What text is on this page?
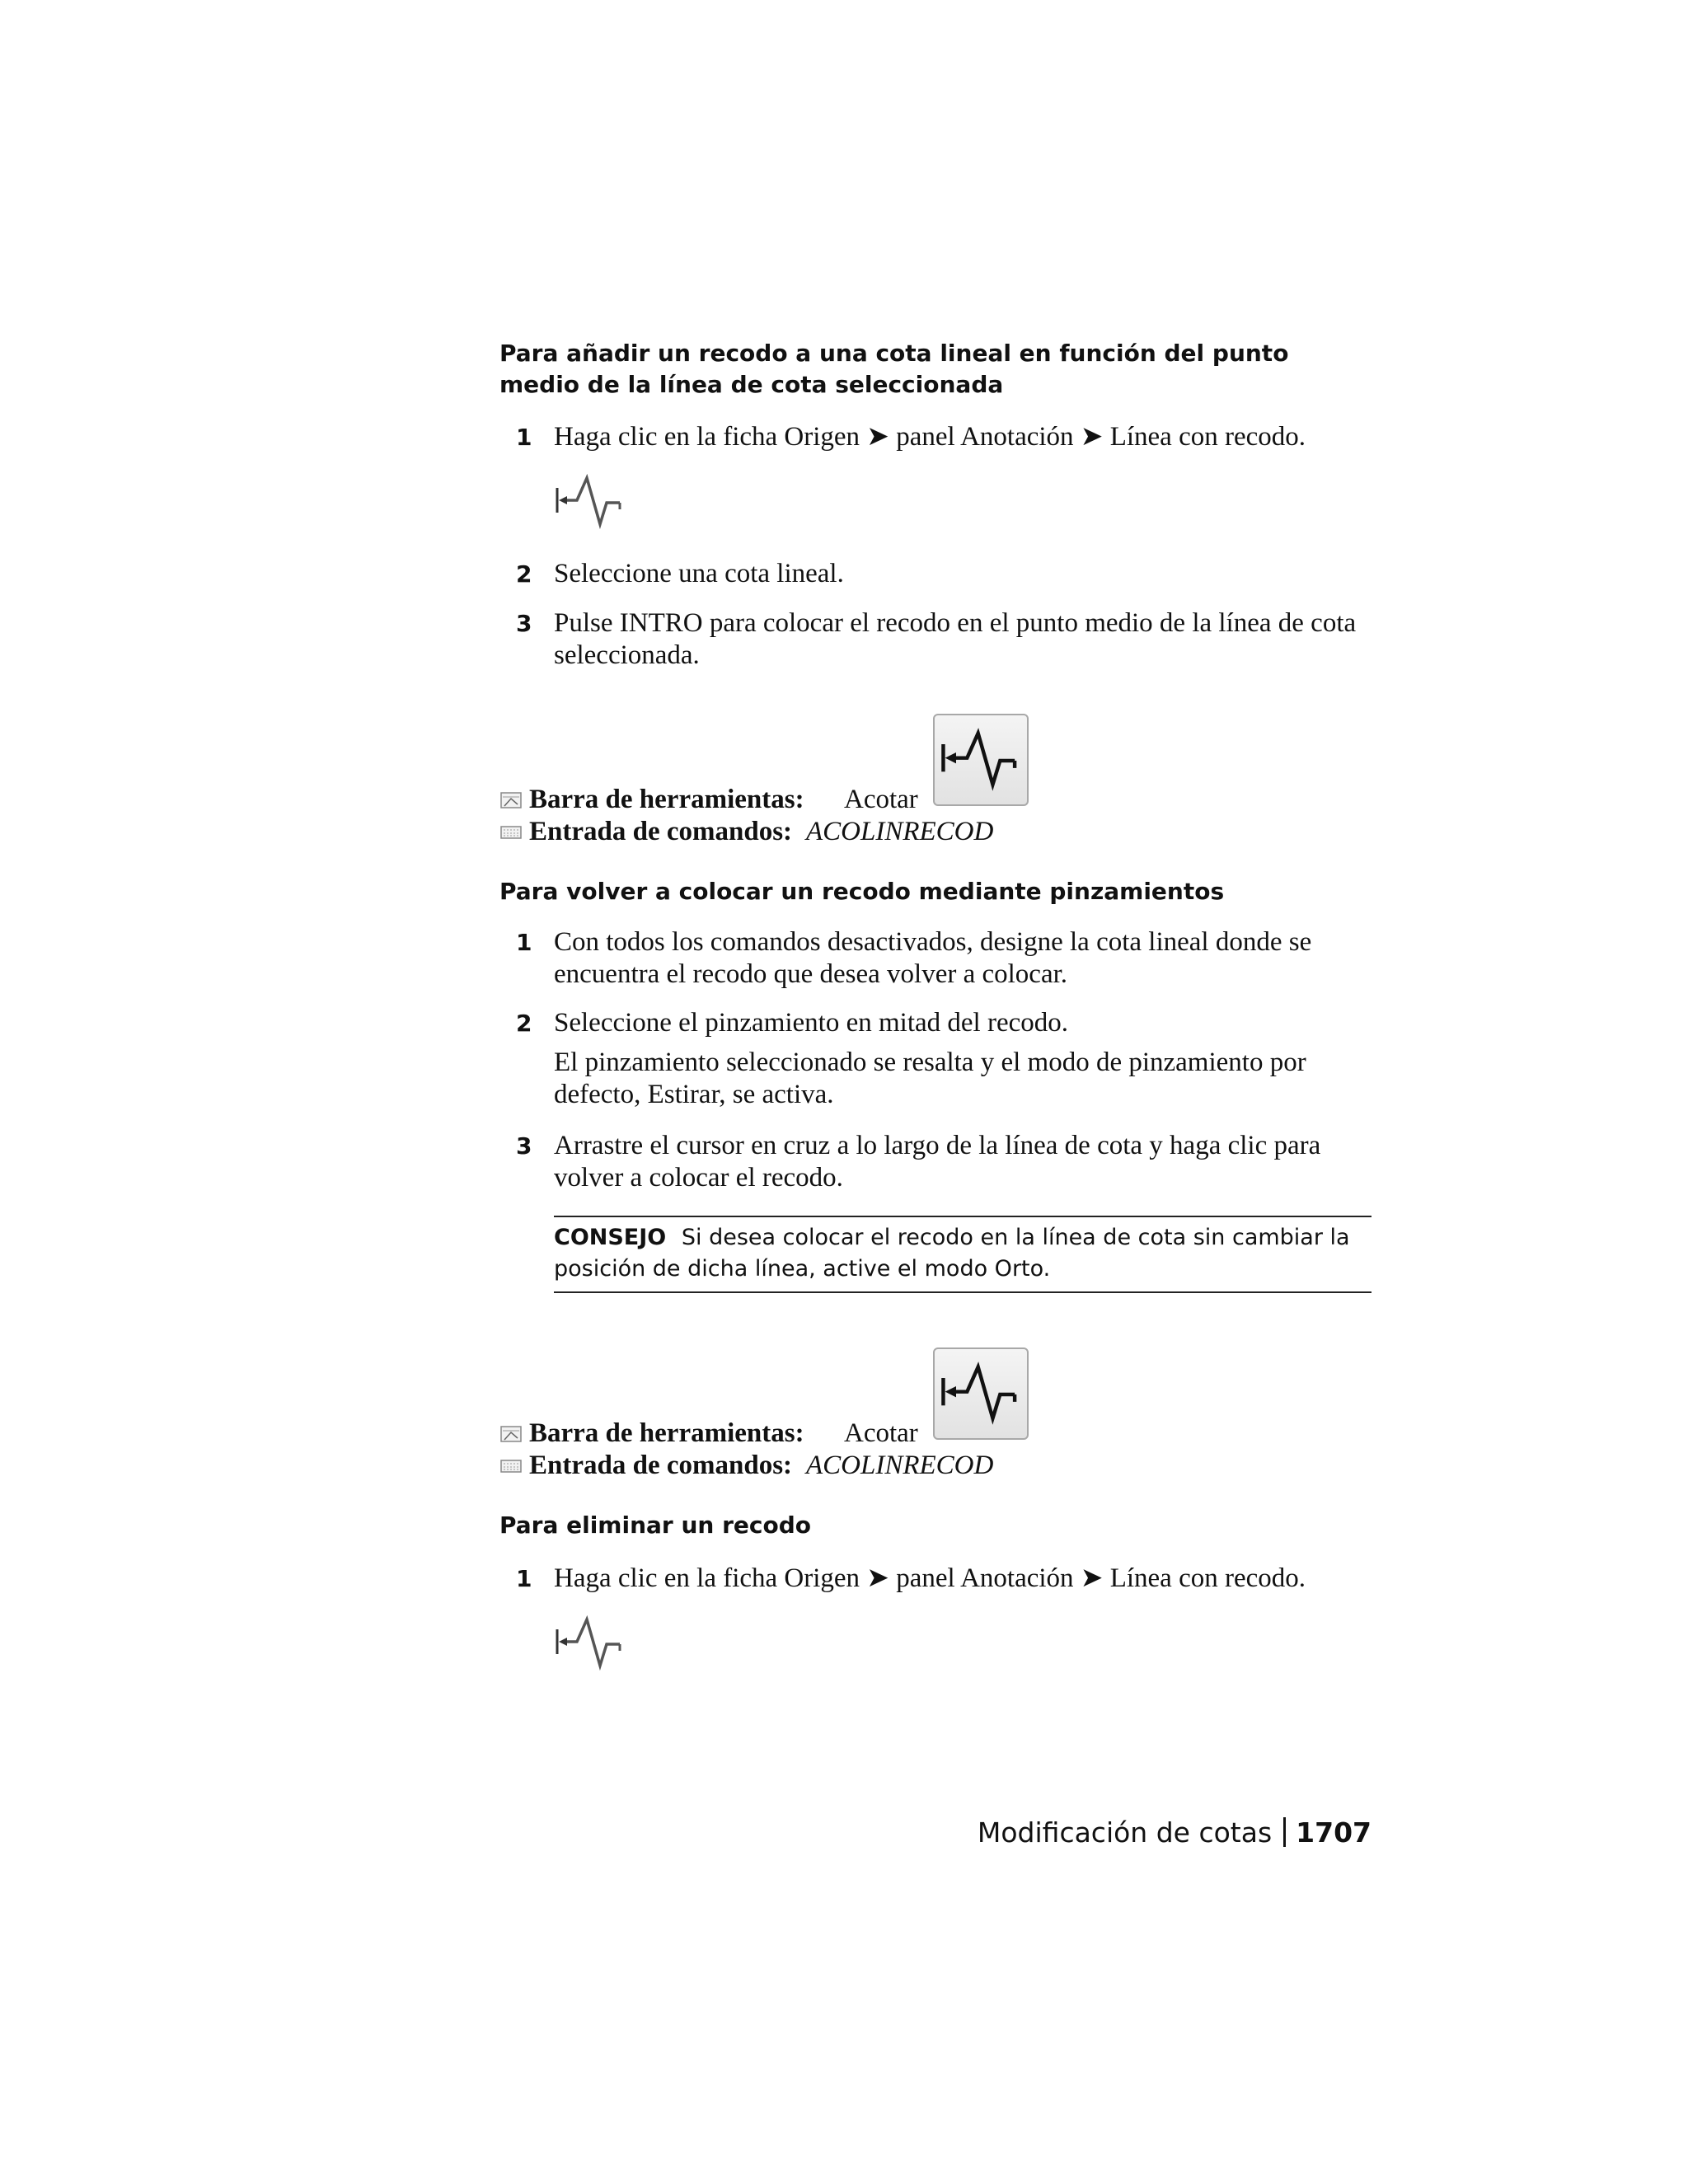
Para añadir un recodo a una cota lineal en función del punto medio de la línea de cota seleccionada
1 Haga clic en la ficha Origen ➤ panel Anotación ➤ Línea con recodo.
2 Seleccione una cota lineal.
3 Pulse INTRO para colocar el recodo en el punto medio de la línea de cota seleccionada.
Barra de herramientas: Acotar
Entrada de comandos: ACOLINRECOD
Para volver a colocar un recodo mediante pinzamientos
1 Con todos los comandos desactivados, designe la cota lineal donde se encuentra el recodo que desea volver a colocar.
2 Seleccione el pinzamiento en mitad del recodo.
El pinzamiento seleccionado se resalta y el modo de pinzamiento por defecto, Estirar, se activa.
3 Arrastre el cursor en cruz a lo largo de la línea de cota y haga clic para volver a colocar el recodo.
CONSEJO Si desea colocar el recodo en la línea de cota sin cambiar la posición de dicha línea, active el modo Orto.
Barra de herramientas: Acotar
Entrada de comandos: ACOLINRECOD
Para eliminar un recodo
1 Haga clic en la ficha Origen ➤ panel Anotación ➤ Línea con recodo.
Modificación de cotas 1707
